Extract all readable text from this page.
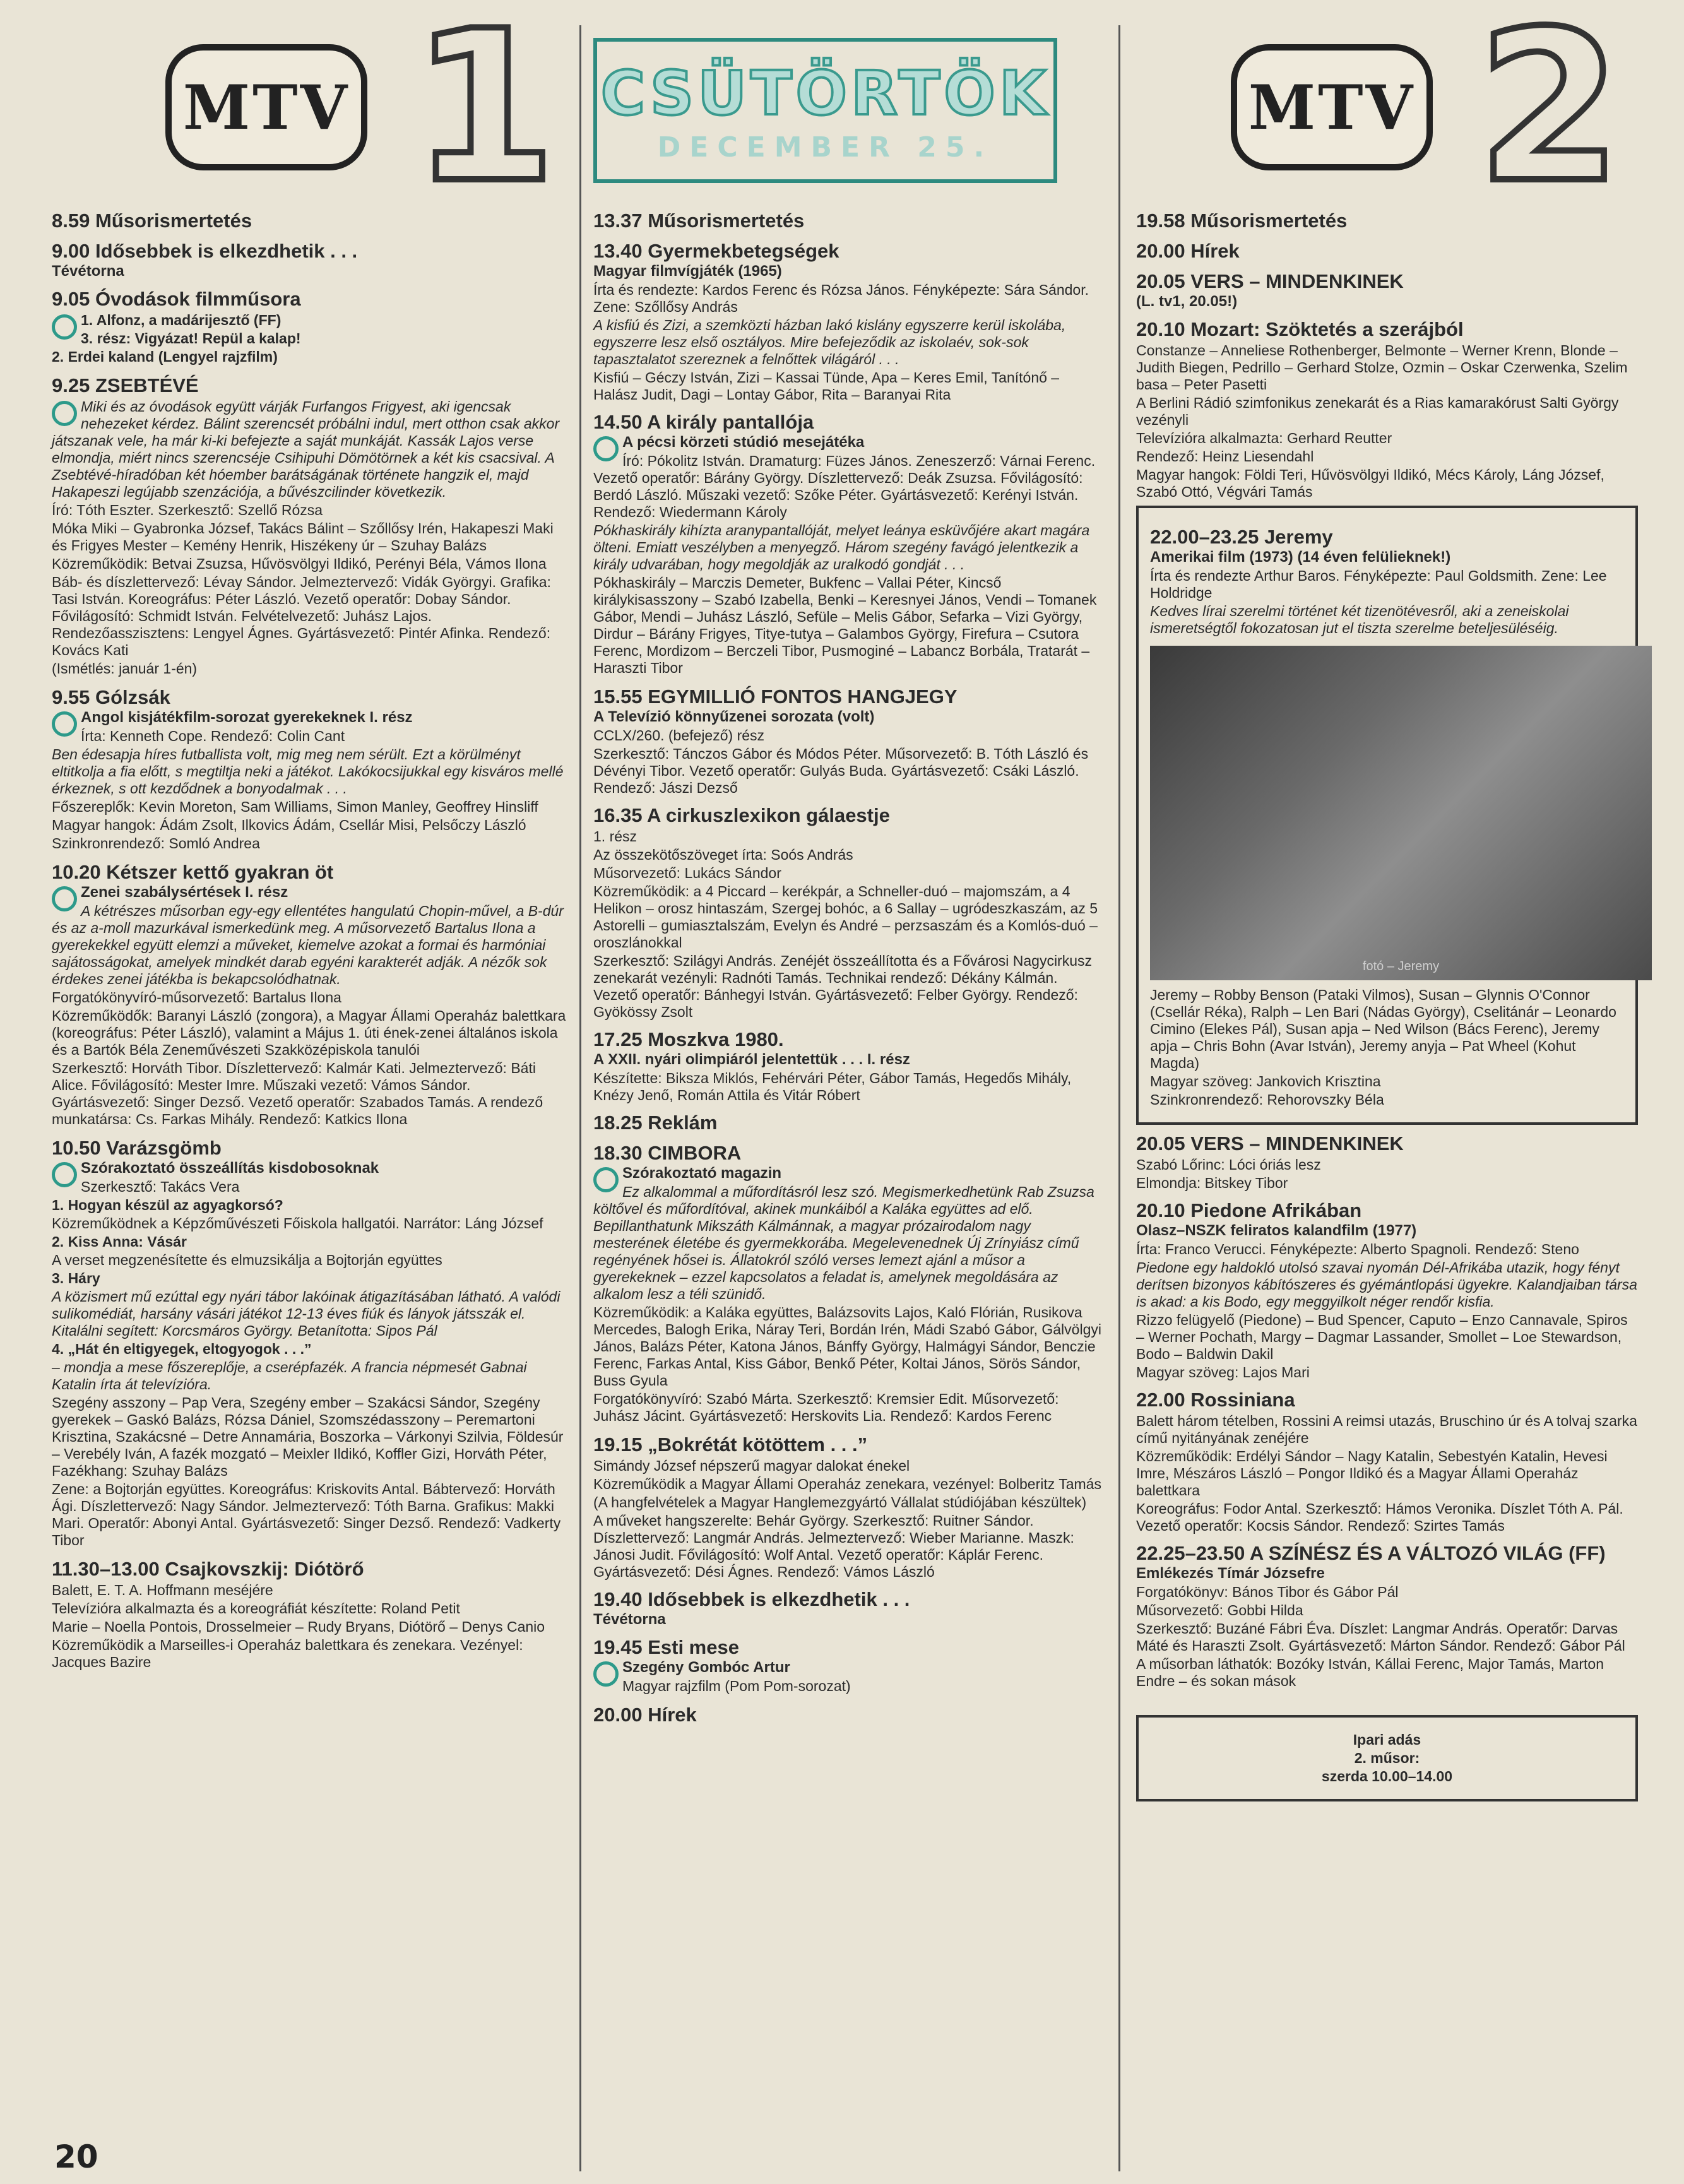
MTV 1
8.59 Műsorismertetés
9.00 Idősebbek is elkezdhetik . . .
Tévétorna
9.05 Óvodások filmműsora
1. Alfonz, a madárijesztő (FF)
3. rész: Vigyázat! Repül a kalap!
2. Erdei kaland (Lengyel rajzfilm)
9.25 ZSEBTÉVÉ
Miki és az óvodások együtt várják Furfangos Frigyest, aki igencsak nehezeket kérdez. Bálint szerencsét próbálni indul, mert otthon csak akkor játszanak vele, ha már ki-ki befejezte a saját munkáját. Kassák Lajos verse elmondja, miért nincs szerencséje Csihipuhi Dömötörnek a két kis csacsival. A Zsebtévé-híradóban két hóember barátságának története hangzik el, majd Hakapeszi legújabb szenzációja, a bűvészcilinder következik.
Író: Tóth Eszter. Szerkesztő: Szellő Rózsa
Móka Miki – Gyabronka József, Takács Bálint – Szőllősy Irén, Hakapeszi Maki és Frigyes Mester – Kemény Henrik, Hiszékeny úr – Szuhay Balázs
Közreműködik: Betvai Zsuzsa, Hűvösvölgyi Ildikó, Perényi Béla, Vámos Ilona
Báb- és díszlettervező: Lévay Sándor. Jelmeztervező: Vidák Györgyi. Grafika: Tasi István. Koreográfus: Péter László. Vezető operatőr: Dobay Sándor. Fővilágosító: Schmidt István. Felvételvezető: Juhász Lajos. Rendezőasszisztens: Lengyel Ágnes. Gyártásvezető: Pintér Afinka. Rendező: Kovács Kati
(Ismétlés: január 1-én)
9.55 Gólzsák
Angol kisjátékfilm-sorozat gyerekeknek I. rész
Írta: Kenneth Cope. Rendező: Colin Cant
Ben édesapja híres futballista volt, mig meg nem sérült. Ezt a körülményt eltitkolja a fia előtt, s megtiltja neki a játékot. Lakókocsijukkal egy kisváros mellé érkeznek, s ott kezdődnek a bonyodalmak . . .
Főszereplők: Kevin Moreton, Sam Williams, Simon Manley, Geoffrey Hinsliff
Magyar hangok: Ádám Zsolt, Ilkovics Ádám, Csellár Misi, Pelsőczy László
Szinkronrendező: Somló Andrea
10.20 Kétszer kettő gyakran öt
Zenei szabálysértések I. rész
A kétrészes műsorban egy-egy ellentétes hangulatú Chopin-művel, a B-dúr és az a-moll mazurkával ismerkedünk meg. A műsorvezető Bartalus Ilona a gyerekekkel együtt elemzi a műveket, kiemelve azokat a formai és harmóniai sajátosságokat, amelyek mindkét darab egyéni karakterét adják. A nézők sok érdekes zenei játékba is bekapcsolódhatnak.
Forgatókönyvíró-műsorvezető: Bartalus Ilona
Közreműködők: Baranyi László (zongora), a Magyar Állami Operaház balettkara (koreográfus: Péter László), valamint a Május 1. úti ének-zenei általános iskola és a Bartók Béla Zeneművészeti Szakközépiskola tanulói
Szerkesztő: Horváth Tibor. Díszlettervező: Kalmár Kati. Jelmeztervező: Báti Alice. Fővilágosító: Mester Imre. Műszaki vezető: Vámos Sándor. Gyártásvezető: Singer Dezső. Vezető operatőr: Szabados Tamás. A rendező munkatársa: Cs. Farkas Mihály. Rendező: Katkics Ilona
10.50 Varázsgömb
Szórakoztató összeállítás kisdobosoknak
Szerkesztő: Takács Vera
1. Hogyan készül az agyagkorsó?
Közreműködnek a Képzőművészeti Főiskola hallgatói. Narrátor: Láng József
2. Kiss Anna: Vásár
A verset megzenésítette és elmuzsikálja a Bojtorján együttes
3. Háry
A közismert mű ezúttal egy nyári tábor lakóinak átigazításában látható. A valódi sulikomédiát, harsány vásári játékot 12-13 éves fiúk és lányok játsszák el. Kitalálni segített: Korcsmáros György. Betanította: Sipos Pál
4. „Hát én eltigyegek, eltogyogok . . .”
– mondja a mese főszereplője, a cserépfazék. A francia népmesét Gabnai Katalin írta át televízióra.
Szegény asszony – Pap Vera, Szegény ember – Szakácsi Sándor, Szegény gyerekek – Gaskó Balázs, Rózsa Dániel, Szomszédasszony – Peremartoni Krisztina, Szakácsné – Detre Annamária, Boszorka – Várkonyi Szilvia, Földesúr – Verebély Iván, A fazék mozgató – Meixler Ildikó, Koffler Gizi, Horváth Péter, Fazékhang: Szuhay Balázs
Zene: a Bojtorján együttes. Koreográfus: Kriskovits Antal. Bábtervező: Horváth Ági. Díszlettervező: Nagy Sándor. Jelmeztervező: Tóth Barna. Grafikus: Makki Mari. Operatőr: Abonyi Antal. Gyártásvezető: Singer Dezső. Rendező: Vadkerty Tibor
11.30–13.00 Csajkovszkij: Diótörő
Balett, E. T. A. Hoffmann meséjére
Televízióra alkalmazta és a koreográfiát készítette: Roland Petit
Marie – Noella Pontois, Drosselmeier – Rudy Bryans, Diótörő – Denys Canio
Közreműködik a Marseilles-i Operaház balettkara és zenekara. Vezényel: Jacques Bazire
CSÜTÖRTÖK
DECEMBER 25.
13.37 Műsorismertetés
13.40 Gyermekbetegségek
Magyar filmvígjáték (1965)
Írta és rendezte: Kardos Ferenc és Rózsa János. Fényképezte: Sára Sándor. Zene: Szőllősy András
A kisfiú és Zizi, a szemközti házban lakó kislány egyszerre kerül iskolába, egyszerre lesz első osztályos. Mire befejeződik az iskolaév, sok-sok tapasztalatot szereznek a felnőttek világáról . . .
Kisfiú – Géczy István, Zizi – Kassai Tünde, Apa – Keres Emil, Tanítónő – Halász Judit, Dagi – Lontay Gábor, Rita – Baranyai Rita
14.50 A király pantallója
A pécsi körzeti stúdió mesejátéka
Író: Pókolitz István. Dramaturg: Füzes János. Zeneszerző: Várnai Ferenc. Vezető operatőr: Bárány György. Díszlettervező: Deák Zsuzsa. Fővilágosító: Berdó László. Műszaki vezető: Szőke Péter. Gyártásvezető: Kerényi István. Rendező: Wiedermann Károly
Pókhaskirály kihízta aranypantallóját, melyet leánya esküvőjére akart magára ölteni. Emiatt veszélyben a menyegző. Három szegény favágó jelentkezik a király udvarában, hogy megoldják az uralkodó gondját . . .
Pókhaskirály – Marczis Demeter, Bukfenc – Vallai Péter, Kincső királykisasszony – Szabó Izabella, Benki – Keresnyei János, Vendi – Tomanek Gábor, Mendi – Juhász László, Sefüle – Melis Gábor, Sefarka – Vizi György, Dirdur – Bárány Frigyes, Titye-tutya – Galambos György, Firefura – Csutora Ferenc, Mordizom – Berczeli Tibor, Pusmoginé – Labancz Borbála, Tratarát – Haraszti Tibor
15.55 EGYMILLIÓ FONTOS HANGJEGY
A Televízió könnyűzenei sorozata (volt)
CCLX/260. (befejező) rész
Szerkesztő: Tánczos Gábor és Módos Péter. Műsorvezető: B. Tóth László és Dévényi Tibor. Vezető operatőr: Gulyás Buda. Gyártásvezető: Csáki László. Rendező: Jászi Dezső
16.35 A cirkuszlexikon gálaestje
1. rész
Az összekötőszöveget írta: Soós András
Műsorvezető: Lukács Sándor
Közreműködik: a 4 Piccard – kerékpár, a Schneller-duó – majomszám, a 4 Helikon – orosz hintaszám, Szergej bohóc, a 6 Sallay – ugródeszkaszám, az 5 Astorelli – gumiasztalszám, Evelyn és André – perzsaszám és a Komlós-duó – oroszlánokkal
Szerkesztő: Szilágyi András. Zenéjét összeállította és a Fővárosi Nagycirkusz zenekarát vezényli: Radnóti Tamás. Technikai rendező: Dékány Kálmán. Vezető operatőr: Bánhegyi István. Gyártásvezető: Felber György. Rendező: Gyökössy Zsolt
17.25 Moszkva 1980.
A XXII. nyári olimpiáról jelentettük . . . I. rész
Készítette: Biksza Miklós, Fehérvári Péter, Gábor Tamás, Hegedős Mihály, Knézy Jenő, Román Attila és Vitár Róbert
18.25 Reklám
18.30 CIMBORA
Szórakoztató magazin
Ez alkalommal a műfordításról lesz szó. Megismerkedhetünk Rab Zsuzsa költővel és műfordítóval, akinek munkáiból a Kaláka együttes ad elő. Bepillanthatunk Mikszáth Kálmánnak, a magyar prózairodalom nagy mesterének életébe és gyermekkorába. Megelevenednek Új Zrínyiász című regényének hősei is. Állatokról szóló verses lemezt ajánl a műsor a gyerekeknek – ezzel kapcsolatos a feladat is, amelynek megoldására az alkalom lesz a téli szünidő.
Közreműködik: a Kaláka együttes, Balázsovits Lajos, Kaló Flórián, Rusikova Mercedes, Balogh Erika, Náray Teri, Bordán Irén, Mádi Szabó Gábor, Gálvölgyi János, Balázs Péter, Katona János, Bánffy György, Halmágyi Sándor, Benczie Ferenc, Farkas Antal, Kiss Gábor, Benkő Péter, Koltai János, Sörös Sándor, Buss Gyula
Forgatókönyvíró: Szabó Márta. Szerkesztő: Kremsier Edit. Műsorvezető: Juhász Jácint. Gyártásvezető: Herskovits Lia. Rendező: Kardos Ferenc
19.15 „Bokrétát kötöttem . . .”
Simándy József népszerű magyar dalokat énekel
Közreműködik a Magyar Állami Operaház zenekara, vezényel: Bolberitz Tamás
(A hangfelvételek a Magyar Hanglemezgyártó Vállalat stúdiójában készültek)
A műveket hangszerelte: Behár György. Szerkesztő: Ruitner Sándor. Díszlettervező: Langmár András. Jelmeztervező: Wieber Marianne. Maszk: Jánosi Judit. Fővilágosító: Wolf Antal. Vezető operatőr: Káplár Ferenc. Gyártásvezető: Dési Ágnes. Rendező: Vámos László
19.40 Idősebbek is elkezdhetik . . .
Tévétorna
19.45 Esti mese
Szegény Gombóc Artur
Magyar rajzfilm (Pom Pom-sorozat)
20.00 Hírek
MTV 2
19.58 Műsorismertetés
20.00 Hírek
20.05 VERS – MINDENKINEK
(L. tv1, 20.05!)
20.10 Mozart: Szöktetés a szerájból
Constanze – Anneliese Rothenberger, Belmonte – Werner Krenn, Blonde – Judith Biegen, Pedrillo – Gerhard Stolze, Ozmin – Oskar Czerwenka, Szelim basa – Peter Pasetti
A Berlini Rádió szimfonikus zenekarát és a Rias kamarakórust Salti György vezényli
Televízióra alkalmazta: Gerhard Reutter
Rendező: Heinz Liesendahl
Magyar hangok: Földi Teri, Hűvösvölgyi Ildikó, Mécs Károly, Láng József, Szabó Ottó, Végvári Tamás
22.00–23.25 Jeremy
Amerikai film (1973) (14 éven felülieknek!)
Írta és rendezte Arthur Baros. Fényképezte: Paul Goldsmith. Zene: Lee Holdridge
Kedves lírai szerelmi történet két tizenötévesről, aki a zeneiskolai ismeretségtől fokozatosan jut el tiszta szerelme beteljesüléséig.
fotó – Jeremy
Jeremy – Robby Benson (Pataki Vilmos), Susan – Glynnis O'Connor (Csellár Réka), Ralph – Len Bari (Nádas György), Cselitánár – Leonardo Cimino (Elekes Pál), Susan apja – Ned Wilson (Bács Ferenc), Jeremy apja – Chris Bohn (Avar István), Jeremy anyja – Pat Wheel (Kohut Magda)
Magyar szöveg: Jankovich Krisztina
Szinkronrendező: Rehorovszky Béla
20.05 VERS – MINDENKINEK
Szabó Lőrinc: Lóci óriás lesz
Elmondja: Bitskey Tibor
20.10 Piedone Afrikában
Olasz–NSZK feliratos kalandfilm (1977)
Írta: Franco Verucci. Fényképezte: Alberto Spagnoli. Rendező: Steno
Piedone egy haldokló utolsó szavai nyomán Dél-Afrikába utazik, hogy fényt derítsen bizonyos kábítószeres és gyémántlopási ügyekre. Kalandjaiban társa is akad: a kis Bodo, egy meggyilkolt néger rendőr kisfia.
Rizzo felügyelő (Piedone) – Bud Spencer, Caputo – Enzo Cannavale, Spiros – Werner Pochath, Margy – Dagmar Lassander, Smollet – Loe Stewardson, Bodo – Baldwin Dakil
Magyar szöveg: Lajos Mari
22.00 Rossiniana
Balett három tételben, Rossini A reimsi utazás, Bruschino úr és A tolvaj szarka című nyitányának zenéjére
Közreműködik: Erdélyi Sándor – Nagy Katalin, Sebestyén Katalin, Hevesi Imre, Mészáros László – Pongor Ildikó és a Magyar Állami Operaház balettkara
Koreográfus: Fodor Antal. Szerkesztő: Hámos Veronika. Díszlet Tóth A. Pál. Vezető operatőr: Kocsis Sándor. Rendező: Szirtes Tamás
22.25–23.50 A SZÍNÉSZ ÉS A VÁLTOZÓ VILÁG (FF)
Emlékezés Tímár Józsefre
Forgatókönyv: Bános Tibor és Gábor Pál
Műsorvezető: Gobbi Hilda
Szerkesztő: Buzáné Fábri Éva. Díszlet: Langmar András. Operatőr: Darvas Máté és Haraszti Zsolt. Gyártásvezető: Márton Sándor. Rendező: Gábor Pál
A műsorban láthatók: Bozóky István, Kállai Ferenc, Major Tamás, Marton Endre – és sokan mások
Ipari adás
2. műsor:
szerda 10.00–14.00
20
